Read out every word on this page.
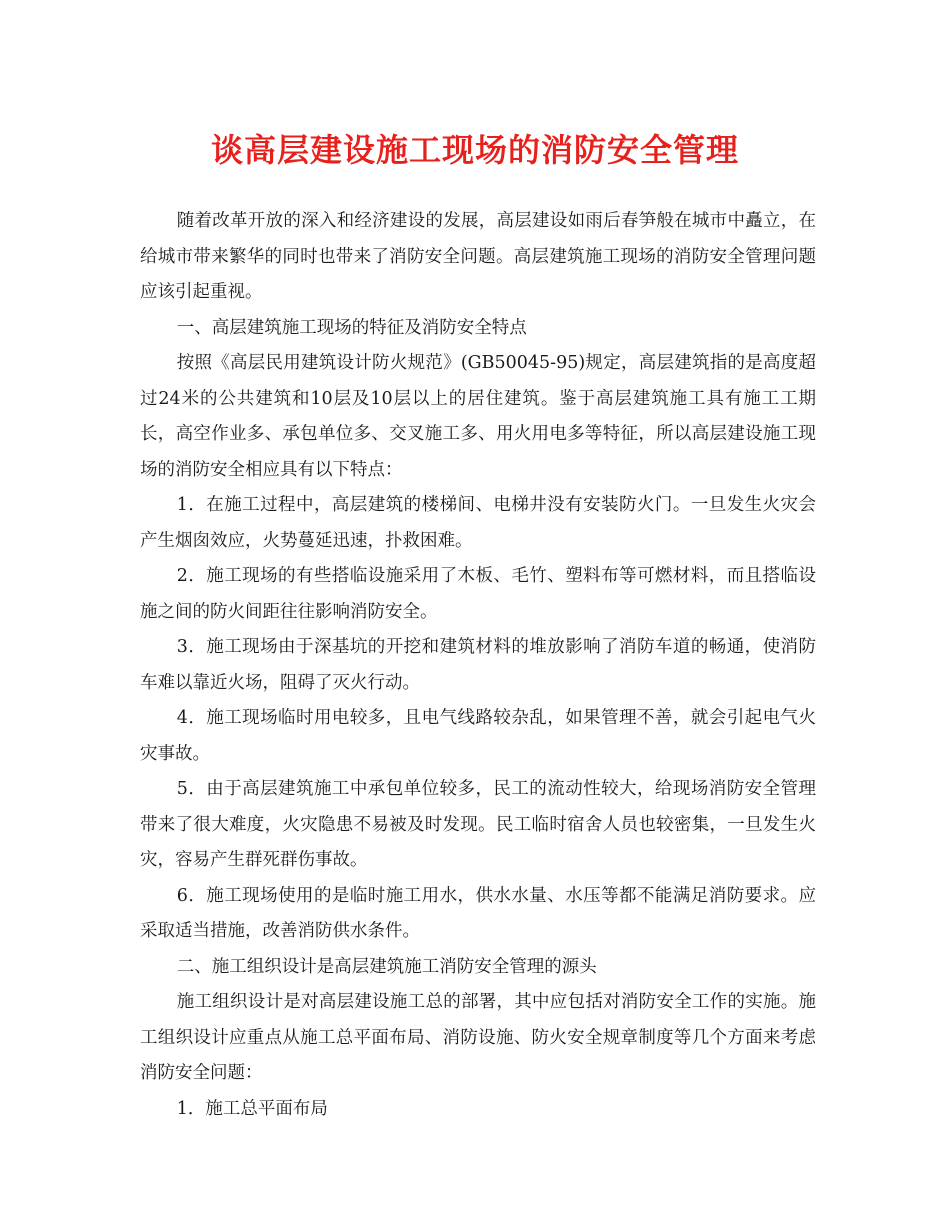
谈高层建设施工现场的消防安全管理

随着改革开放的深入和经济建设的发展，高层建设如雨后春笋般在城市中矗立，在给城市带来繁华的同时也带来了消防安全问题。高层建筑施工现场的消防安全管理问题应该引起重视。

一、高层建筑施工现场的特征及消防安全特点

按照《高层民用建筑设计防火规范》(GB50045-95)规定，高层建筑指的是高度超过24米的公共建筑和10层及10层以上的居住建筑。鉴于高层建筑施工具有施工工期长，高空作业多、承包单位多、交叉施工多、用火用电多等特征，所以高层建设施工现场的消防安全相应具有以下特点：

1．在施工过程中，高层建筑的楼梯间、电梯井没有安装防火门。一旦发生火灾会产生烟囱效应，火势蔓延迅速，扑救困难。

2．施工现场的有些搭临设施采用了木板、毛竹、塑料布等可燃材料，而且搭临设施之间的防火间距往往影响消防安全。

3．施工现场由于深基坑的开挖和建筑材料的堆放影响了消防车道的畅通，使消防车难以靠近火场，阻碍了灭火行动。

4．施工现场临时用电较多，且电气线路较杂乱，如果管理不善，就会引起电气火灾事故。

5．由于高层建筑施工中承包单位较多，民工的流动性较大，给现场消防安全管理带来了很大难度，火灾隐患不易被及时发现。民工临时宿舍人员也较密集，一旦发生火灾，容易产生群死群伤事故。

6．施工现场使用的是临时施工用水，供水水量、水压等都不能满足消防要求。应采取适当措施，改善消防供水条件。

二、施工组织设计是高层建筑施工消防安全管理的源头

施工组织设计是对高层建设施工总的部署，其中应包括对消防安全工作的实施。施工组织设计应重点从施工总平面布局、消防设施、防火安全规章制度等几个方面来考虑消防安全问题：

1．施工总平面布局
